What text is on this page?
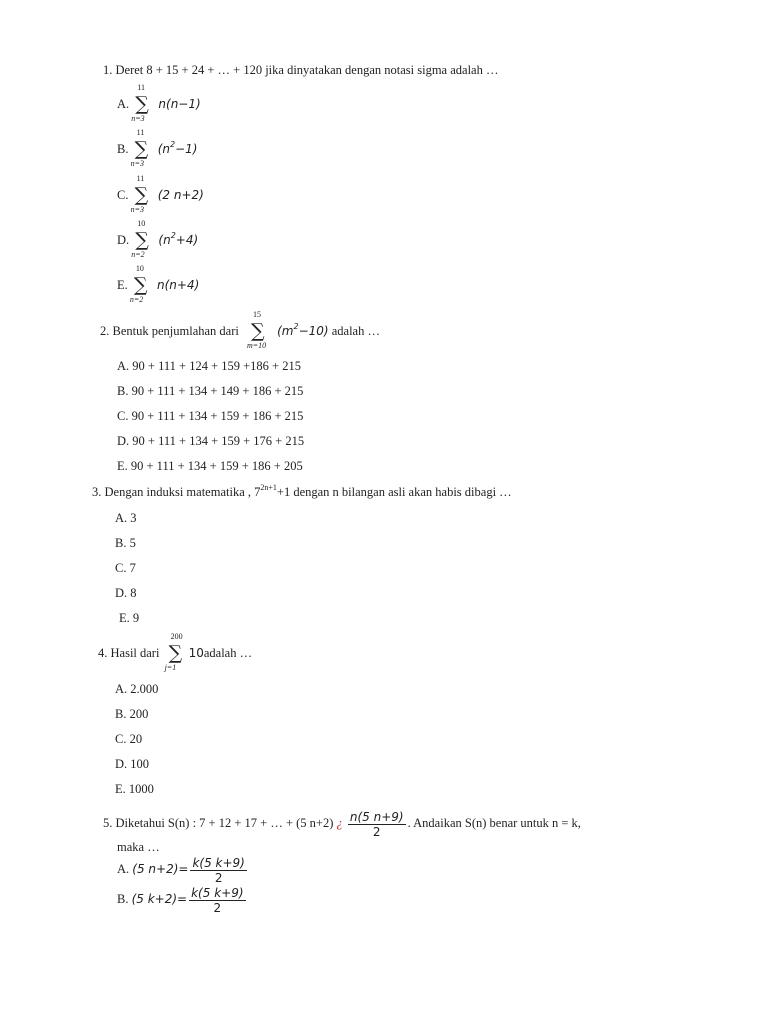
1. Deret 8 + 15 + 24 + … + 120 jika dinyatakan dengan notasi sigma adalah …
A.
11
∑
n=3
n(n−1)
B.
11
∑
n=3
$(n^2-1)$
C.
11
∑
n=3
(2 n+2)
D.
10
∑
n=2
$(n^2+4)$
E.
10
∑
n=2
n(n+4)
2. Bentuk penjumlahan dari
15
∑
m=10
$(m^2-10)$ adalah …
A. 90 + 111 + 124 + 159 +186 + 215
B. 90 + 111 + 134 + 149 + 186 + 215
C. 90 + 111 + 134 + 159 + 186 + 215
D. 90 + 111 + 134 + 159 + 176 + 215
E. 90 + 111 + 134 + 159 + 186 + 205
3. Dengan induksi matematika , $7^{2n+1}+1$ dengan n bilangan asli akan habis dibagi …
A. 3
B. 5
C. 7
D. 8
E. 9
4. Hasil dari
200
∑
j=1
10adalah …
A. 2.000
B. 200
C. 20
D. 100
E. 1000
5. Diketahui S(n) : 7 + 12 + 17 + … + (5 n+2) ¿ $\frac{n(5 n+9)}{2}$ . Andaikan S(n) benar untuk n = k,
maka …
A. (5 $n+2)= \frac{k(5 k+9)}{2}$
B. (5 $k+2)= \frac{k(5 k+9)}{2}$
